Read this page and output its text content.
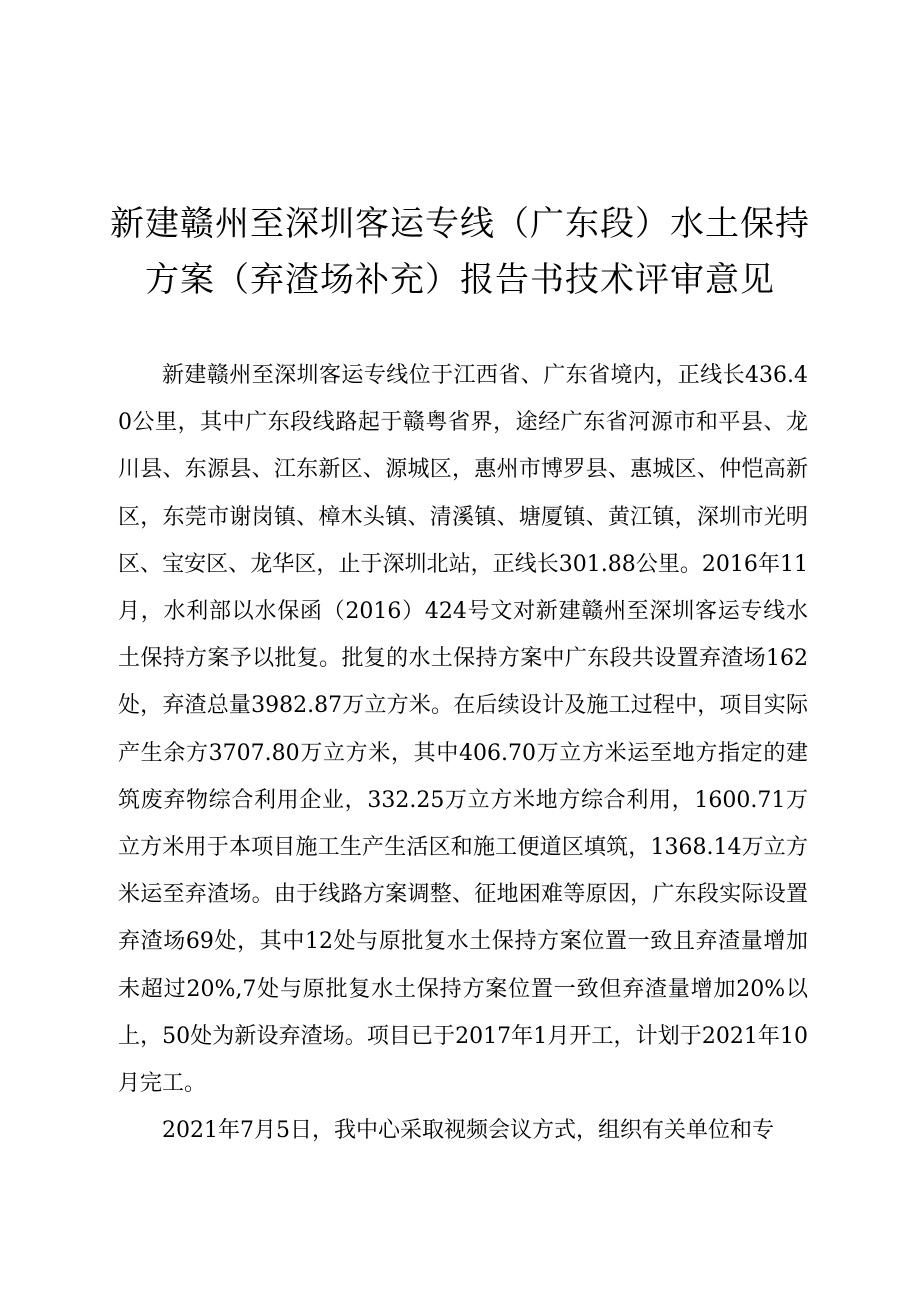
新建赣州至深圳客运专线（广东段）水土保持
方案（弃渣场补充）报告书技术评审意见

新建赣州至深圳客运专线位于江西省、广东省境内，正线长436.40公里，其中广东段线路起于赣粤省界，途经广东省河源市和平县、龙川县、东源县、江东新区、源城区，惠州市博罗县、惠城区、仲恺高新区，东莞市谢岗镇、樟木头镇、清溪镇、塘厦镇、黄江镇，深圳市光明区、宝安区、龙华区，止于深圳北站，正线长301.88公里。2016年11月，水利部以水保函（2016）424号文对新建赣州至深圳客运专线水土保持方案予以批复。批复的水土保持方案中广东段共设置弃渣场162处，弃渣总量3982.87万立方米。在后续设计及施工过程中，项目实际产生余方3707.80万立方米，其中406.70万立方米运至地方指定的建筑废弃物综合利用企业，332.25万立方米地方综合利用，1600.71万立方米用于本项目施工生产生活区和施工便道区填筑，1368.14万立方米运至弃渣场。由于线路方案调整、征地困难等原因，广东段实际设置弃渣场69处，其中12处与原批复水土保持方案位置一致且弃渣量增加未超过20%,7处与原批复水土保持方案位置一致但弃渣量增加20%以上，50处为新设弃渣场。项目已于2017年1月开工，计划于2021年10月完工。

2021年7月5日，我中心采取视频会议方式，组织有关单位和专
